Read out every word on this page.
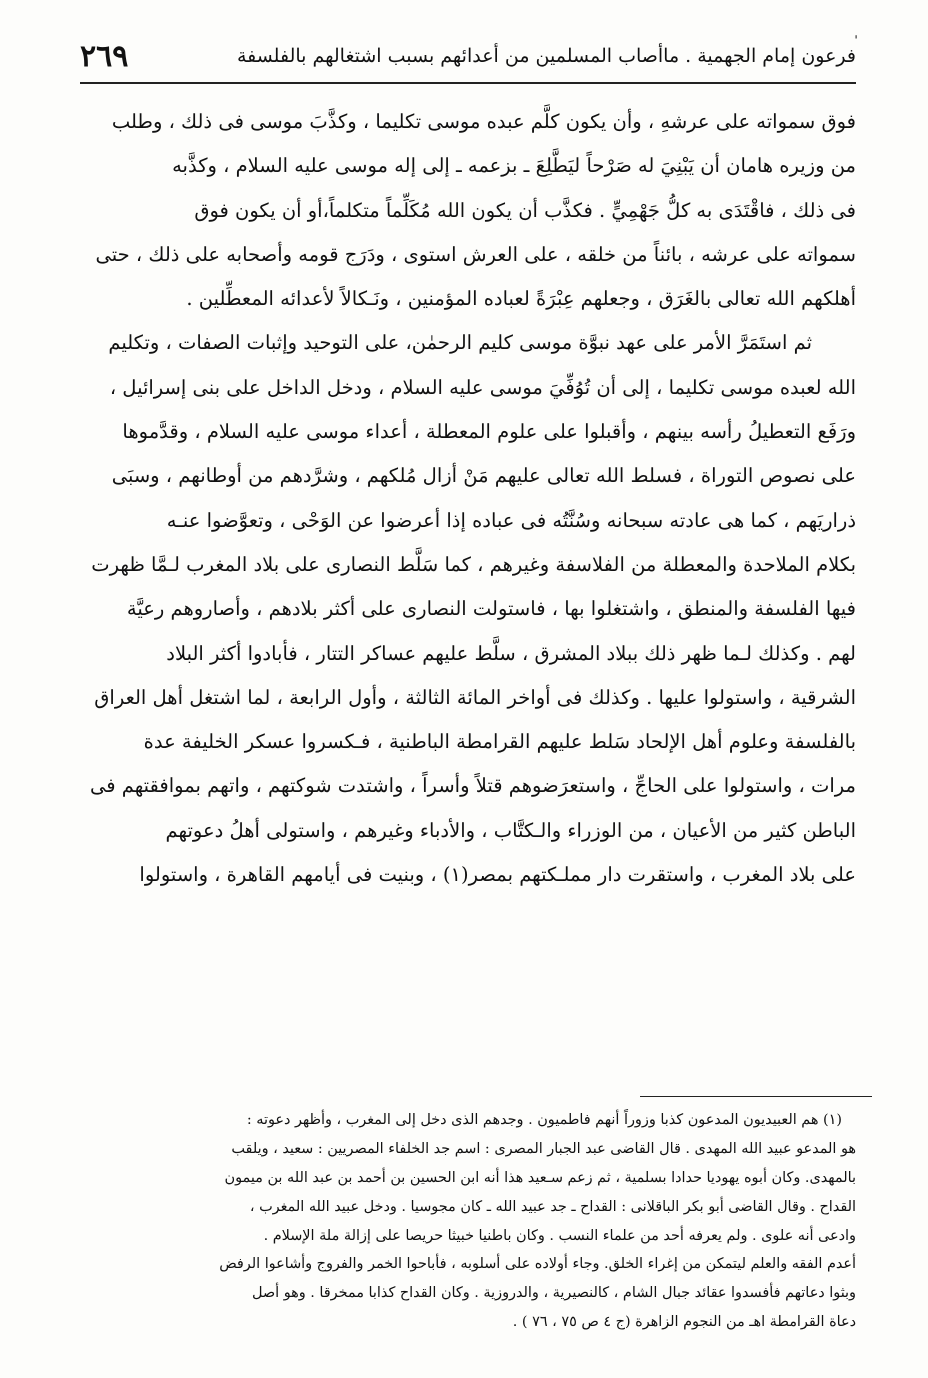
ˈ
فرعون إمام الجهمية . ماأصاب المسلمين من أعدائهم بسبب اشتغالهم بالفلسفة
٢٦٩
فوق سمواته على عرشهِ ، وأن يكون كلَّم عبده موسى تكليما ، وكذَّبَ موسى فى ذلك ، وطلب
من وزيره هامان أن يَبْنِيَ له صَرْحاً ليَطَّلِعَ ـ بزعمه ـ إلى إله موسى عليه السلام ، وكذَّبه
فى ذلك ، فاقْتَدَى به كلُّ جَهْمِيٍّ . فكذَّب أن يكون الله مُكَلِّماً متكلماً،أو أن يكون فوق
سمواته على عرشه ، بائناً من خلقه ، على العرش استوى ، ودَرَج قومه وأصحابه على ذلك ، حتى
أهلكهم الله تعالى بالغَرَق ، وجعلهم عِبْرَةً لعباده المؤمنين ، ونَـكالاً لأعدائه المعطِّلين .
ثم استَمَرَّ الأمر على عهد نبوَّة موسى كليم الرحمٰن، على التوحيد وإثبات الصفات ، وتكليم
الله لعبده موسى تكليما ، إلى أن تُوُفِّيَ موسى عليه السلام ، ودخل الداخل على بنى إسرائيل ،
ورَفَع التعطيلُ رأسه بينهم ، وأقبلوا على علوم المعطلة ، أعداء موسى عليه السلام ، وقدَّموها
على نصوص التوراة ، فسلط الله تعالى عليهم مَنْ أزال مُلكهم ، وشرَّدهم من أوطانهم ، وسبَى
ذراريَهم ، كما هى عادته سبحانه وسُنَّتُه فى عباده إذا أعرضوا عن الوَحْى ، وتعوَّضوا عنـه
بكلام الملاحدة والمعطلة من الفلاسفة وغيرهم ، كما سَلَّط النصارى على بلاد المغرب لـمَّا ظهرت
فيها الفلسفة والمنطق ، واشتغلوا بها ، فاستولت النصارى على أكثر بلادهم ، وأصاروهم رعيَّة
لهم . وكذلك لـما ظهر ذلك ببلاد المشرق ، سلَّط عليهم عساكر التتار ، فأبادوا أكثر البلاد
الشرقية ، واستولوا عليها . وكذلك فى أواخر المائة الثالثة ، وأول الرابعة ، لما اشتغل أهل العراق
بالفلسفة وعلوم أهل الإلحاد سَلط عليهم القرامطة الباطنية ، فـكسروا عسكر الخليفة عدة
مرات ، واستولوا على الحاجِّ ، واستعرَضوهم قتلاً وأسراً ، واشتدت شوكتهم ، واتهم بموافقتهم فى
الباطن كثير من الأعيان ، من الوزراء والـكتَّاب ، والأدباء وغيرهم ، واستولى أهلُ دعوتهم
على بلاد المغرب ، واستقرت دار مملـكتهم بمصر(١) ، وبنيت فى أيامهم القاهرة ، واستولوا
(١) هم العبيديون المدعون كذبا وزوراً أنهم فاطميون . وجدهم الذى دخل إلى المغرب ، وأظهر دعوته :
هو المدعو عبيد الله المهدى . قال القاضى عبد الجبار المصرى : اسم جد الخلفاء المصريين : سعيد ، ويلقب
بالمهدى. وكان أبوه يهوديا حدادا بسلمية ، ثم زعم سـعيد هذا أنه ابن الحسين بن أحمد بن عبد الله بن ميمون
القداح . وقال القاضى أبو بكر الباقلانى : القداح ـ جد عبيد الله ـ كان مجوسيا . ودخل عبيد الله المغرب ،
وادعى أنه علوى . ولم يعرفه أحد من علماء النسب . وكان باطنيا خبيثا حريصا على إزالة ملة الإسلام .
أعدم الفقه والعلم ليتمكن من إغراء الخلق. وجاء أولاده على أسلوبه ، فأباحوا الخمر والفروج وأشاعوا الرفض
وبثوا دعاتهم فأفسدوا عقائد جبال الشام ، كالنصيرية ، والدروزية . وكان القداح كذابا ممخرقا . وهو أصل
دعاة القرامطة اهـ من النجوم الزاهرة (ج ٤ ص ٧٥ ، ٧٦ ) .
